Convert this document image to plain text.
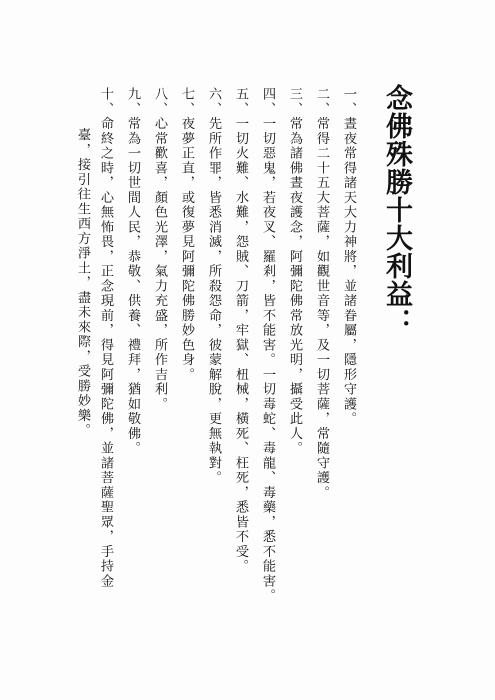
念佛殊勝十大利益：
一、晝夜常得諸天大力神將，並諸眷屬，隱形守護。
二、常得二十五大菩薩，如觀世音等，及一切菩薩，常隨守護。
三、常為諸佛晝夜護念，阿彌陀佛常放光明，攝受此人。
四、一切惡鬼，若夜叉、羅剎，皆不能害。一切毒蛇、毒龍、毒藥，悉不能害。
五、一切火難、水難，怨賊、刀箭，牢獄、杻械，橫死、枉死，悉皆不受。
六、先所作罪，皆悉消滅，所殺怨命，彼蒙解脫，更無執對。
七、夜夢正直，或復夢見阿彌陀佛勝妙色身。
八、心常歡喜，顏色光澤，氣力充盛，所作吉利。
九、常為一切世間人民，恭敬、供養、禮拜，猶如敬佛。
十、命終之時，心無怖畏，正念現前，得見阿彌陀佛，並諸菩薩聖眾，手持金
臺，接引往生西方淨土，盡未來際，受勝妙樂。
